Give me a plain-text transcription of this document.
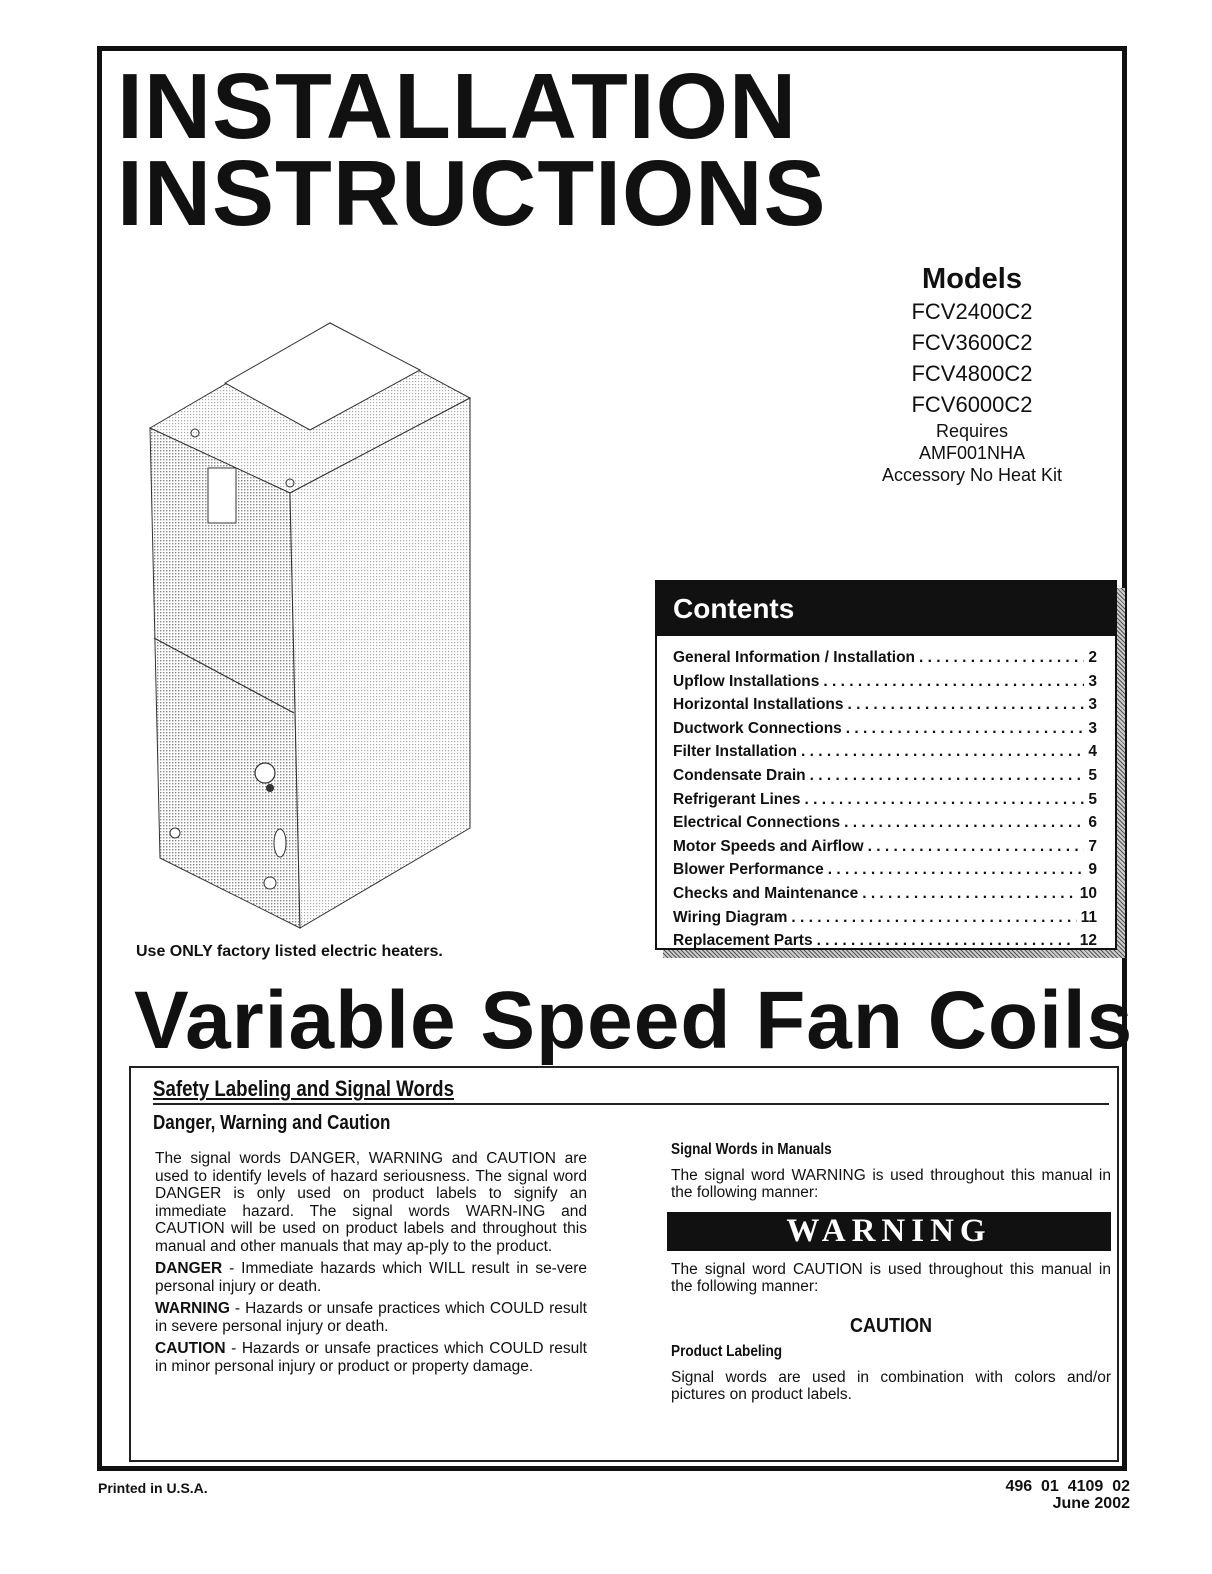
INSTALLATION
INSTRUCTIONS
Models
FCV2400C2
FCV3600C2
FCV4800C2
FCV6000C2
Requires
AMF001NHA
Accessory No Heat Kit
Contents
General Information / Installation . . .	2
Upflow Installations . . .	3
Horizontal Installations . . .	3
Ductwork Connections . . .	3
Filter Installation . . .	4
Condensate Drain . . .	5
Refrigerant Lines . . .	5
Electrical Connections . . .	6
Motor Speeds and Airflow . . .	7
Blower Performance . . .	9
Checks and Maintenance . . .	10
Wiring Diagram . . .	11
Replacement Parts . . .	12
Use ONLY factory listed electric heaters.
Variable Speed Fan Coils
Safety Labeling and Signal Words
Danger, Warning and Caution

The signal words DANGER, WARNING and CAUTION are used to identify levels of hazard seriousness. The signal word DANGER is only used on product labels to signify an immediate hazard. The signal words WARN-ING and CAUTION will be used on product labels and throughout this manual and other manuals that may ap-ply to the product.

DANGER - Immediate hazards which WILL result in se-vere personal injury or death.

WARNING - Hazards or unsafe practices which COULD result in severe personal injury or death.

CAUTION - Hazards or unsafe practices which COULD result in minor personal injury or product or property damage.

Signal Words in Manuals

The signal word WARNING is used throughout this manual in the following manner:

WARNING

The signal word CAUTION is used throughout this manual in the following manner:

CAUTION
Product Labeling

Signal words are used in combination with colors and/or pictures on product labels.

Printed in U.S.A.	496  01  4109  02
June 2002
